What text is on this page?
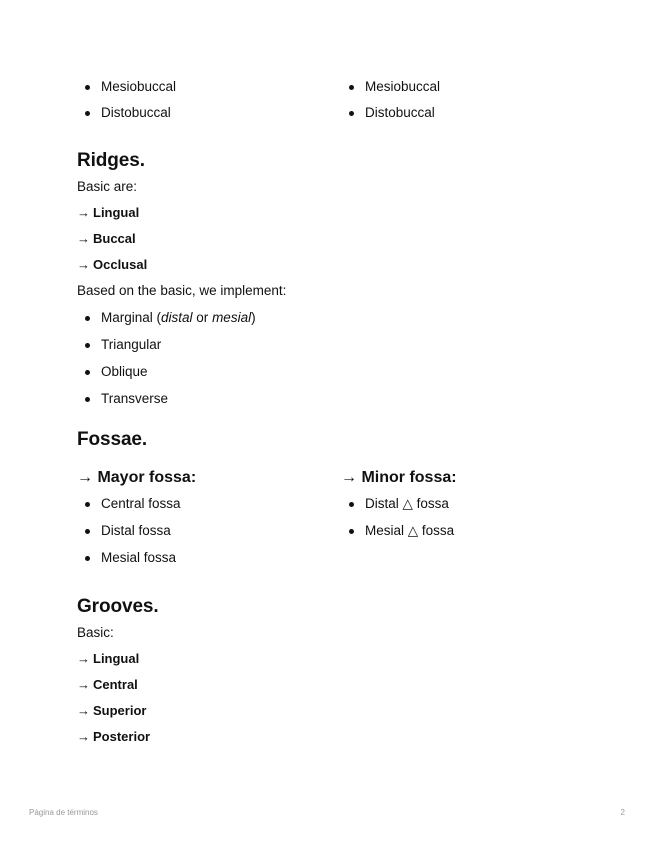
Mesiobuccal
Distobuccal
Mesiobuccal
Distobuccal
Ridges.

Basic are:

→ Lingual

→ Buccal

→ Occlusal

Based on the basic, we implement:

Marginal (distal or mesial)
Triangular
Oblique
Transverse
Fossae.
→ Mayor fossa:
Central fossa
Distal fossa
Mesial fossa
→ Minor fossa:
Distal △ fossa
Mesial △ fossa
Grooves.

Basic:

→ Lingual

→ Central

→ Superior

→ Posterior

Página de términos	2
